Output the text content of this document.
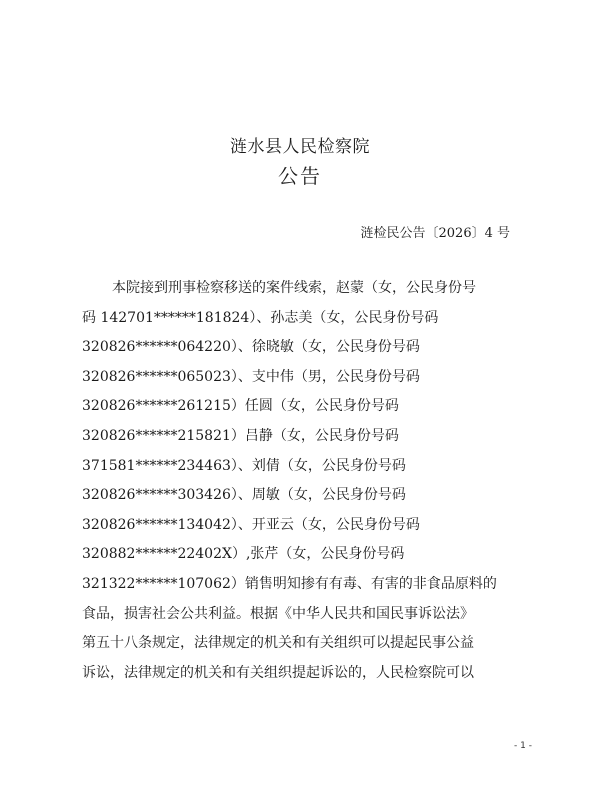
涟水县人民检察院
公告
涟检民公告〔2026〕4 号
本院接到刑事检察移送的案件线索，赵蒙（女，公民身份号
码 142701******181824）、孙志美（女，公民身份号码
320826******064220）、徐晓敏（女，公民身份号码
320826******065023）、支中伟（男，公民身份号码
320826******261215）任圆（女，公民身份号码
320826******215821）吕静（女，公民身份号码
371581******234463）、刘倩（女，公民身份号码
320826******303426）、周敏（女，公民身份号码
320826******134042）、开亚云（女，公民身份号码
320882******22402X）,张芹（女，公民身份号码
321322******107062）销售明知掺有有毒、有害的非食品原料的
食品，损害社会公共利益。根据《中华人民共和国民事诉讼法》
第五十八条规定，法律规定的机关和有关组织可以提起民事公益
诉讼，法律规定的机关和有关组织提起诉讼的，人民检察院可以
- 1 -
